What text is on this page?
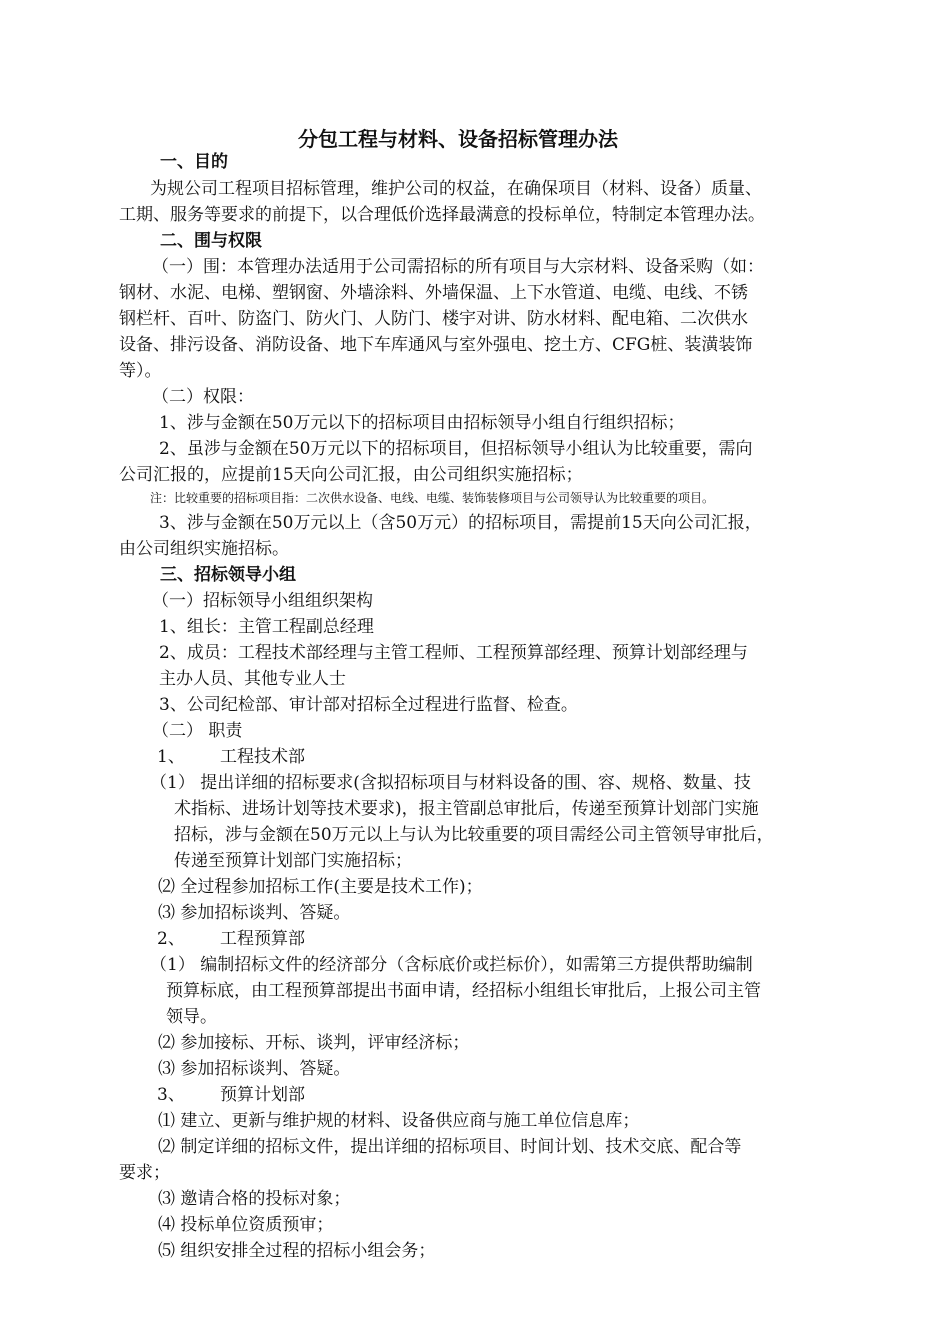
分包工程与材料、设备招标管理办法
一、目的
为规公司工程项目招标管理，维护公司的权益，在确保项目（材料、设备）质量、
工期、服务等要求的前提下，以合理低价选择最满意的投标单位，特制定本管理办法。
二、围与权限
（一）围：本管理办法适用于公司需招标的所有项目与大宗材料、设备采购（如：
钢材、水泥、电梯、塑钢窗、外墙涂料、外墙保温、上下水管道、电缆、电线、不锈
钢栏杆、百叶、防盗门、防火门、人防门、楼宇对讲、防水材料、配电箱、二次供水
设备、排污设备、消防设备、地下车库通风与室外强电、挖土方、CFG桩、装潢装饰
等）。
（二）权限：
1、涉与金额在50万元以下的招标项目由招标领导小组自行组织招标；
2、虽涉与金额在50万元以下的招标项目，但招标领导小组认为比较重要，需向
公司汇报的，应提前15天向公司汇报，由公司组织实施招标；
注：比较重要的招标项目指：二次供水设备、电线、电缆、装饰装修项目与公司领导认为比较重要的项目。
3、涉与金额在50万元以上（含50万元）的招标项目，需提前15天向公司汇报，
由公司组织实施招标。
三、招标领导小组
（一）招标领导小组组织架构
1、组长：主管工程副总经理
2、成员：工程技术部经理与主管工程师、工程预算部经理、预算计划部经理与
主办人员、其他专业人士
3、公司纪检部、审计部对招标全过程进行监督、检查。
（二） 职责
1、 工程技术部
（1） 提出详细的招标要求(含拟招标项目与材料设备的围、容、规格、数量、技
术指标、进场计划等技术要求)，报主管副总审批后，传递至预算计划部门实施
招标，涉与金额在50万元以上与认为比较重要的项目需经公司主管领导审批后，
传递至预算计划部门实施招标；
⑵ 全过程参加招标工作(主要是技术工作)；
⑶ 参加招标谈判、答疑。
2、 工程预算部
（1） 编制招标文件的经济部分（含标底价或拦标价），如需第三方提供帮助编制
预算标底，由工程预算部提出书面申请，经招标小组组长审批后，上报公司主管
领导。
⑵ 参加接标、开标、谈判，评审经济标；
⑶ 参加招标谈判、答疑。
3、 预算计划部
⑴ 建立、更新与维护规的材料、设备供应商与施工单位信息库；
⑵ 制定详细的招标文件，提出详细的招标项目、时间计划、技术交底、配合等
要求；
⑶ 邀请合格的投标对象；
⑷ 投标单位资质预审；
⑸ 组织安排全过程的招标小组会务；
